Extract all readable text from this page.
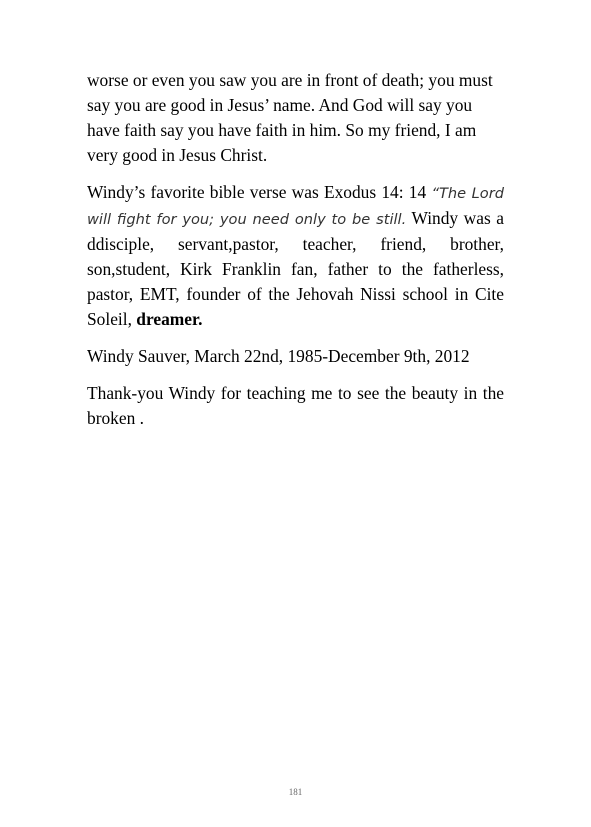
worse or even you saw you are in front of death; you must say you are good in Jesus’ name. And God will say you have faith say you have faith in him. So my friend, I am very good in Jesus Christ.

Windy’s favorite bible verse was Exodus 14: 14 “The Lord will fight for you; you need only to be still. Windy was a ddisciple, servant,pastor, teacher, friend, brother, son,student, Kirk Franklin fan, father to the fatherless, pastor, EMT, founder of the Jehovah Nissi school in Cite Soleil, dreamer.

Windy Sauver, March 22nd, 1985-December 9th, 2012

Thank-you Windy for teaching me to see the beauty in the broken .

181
